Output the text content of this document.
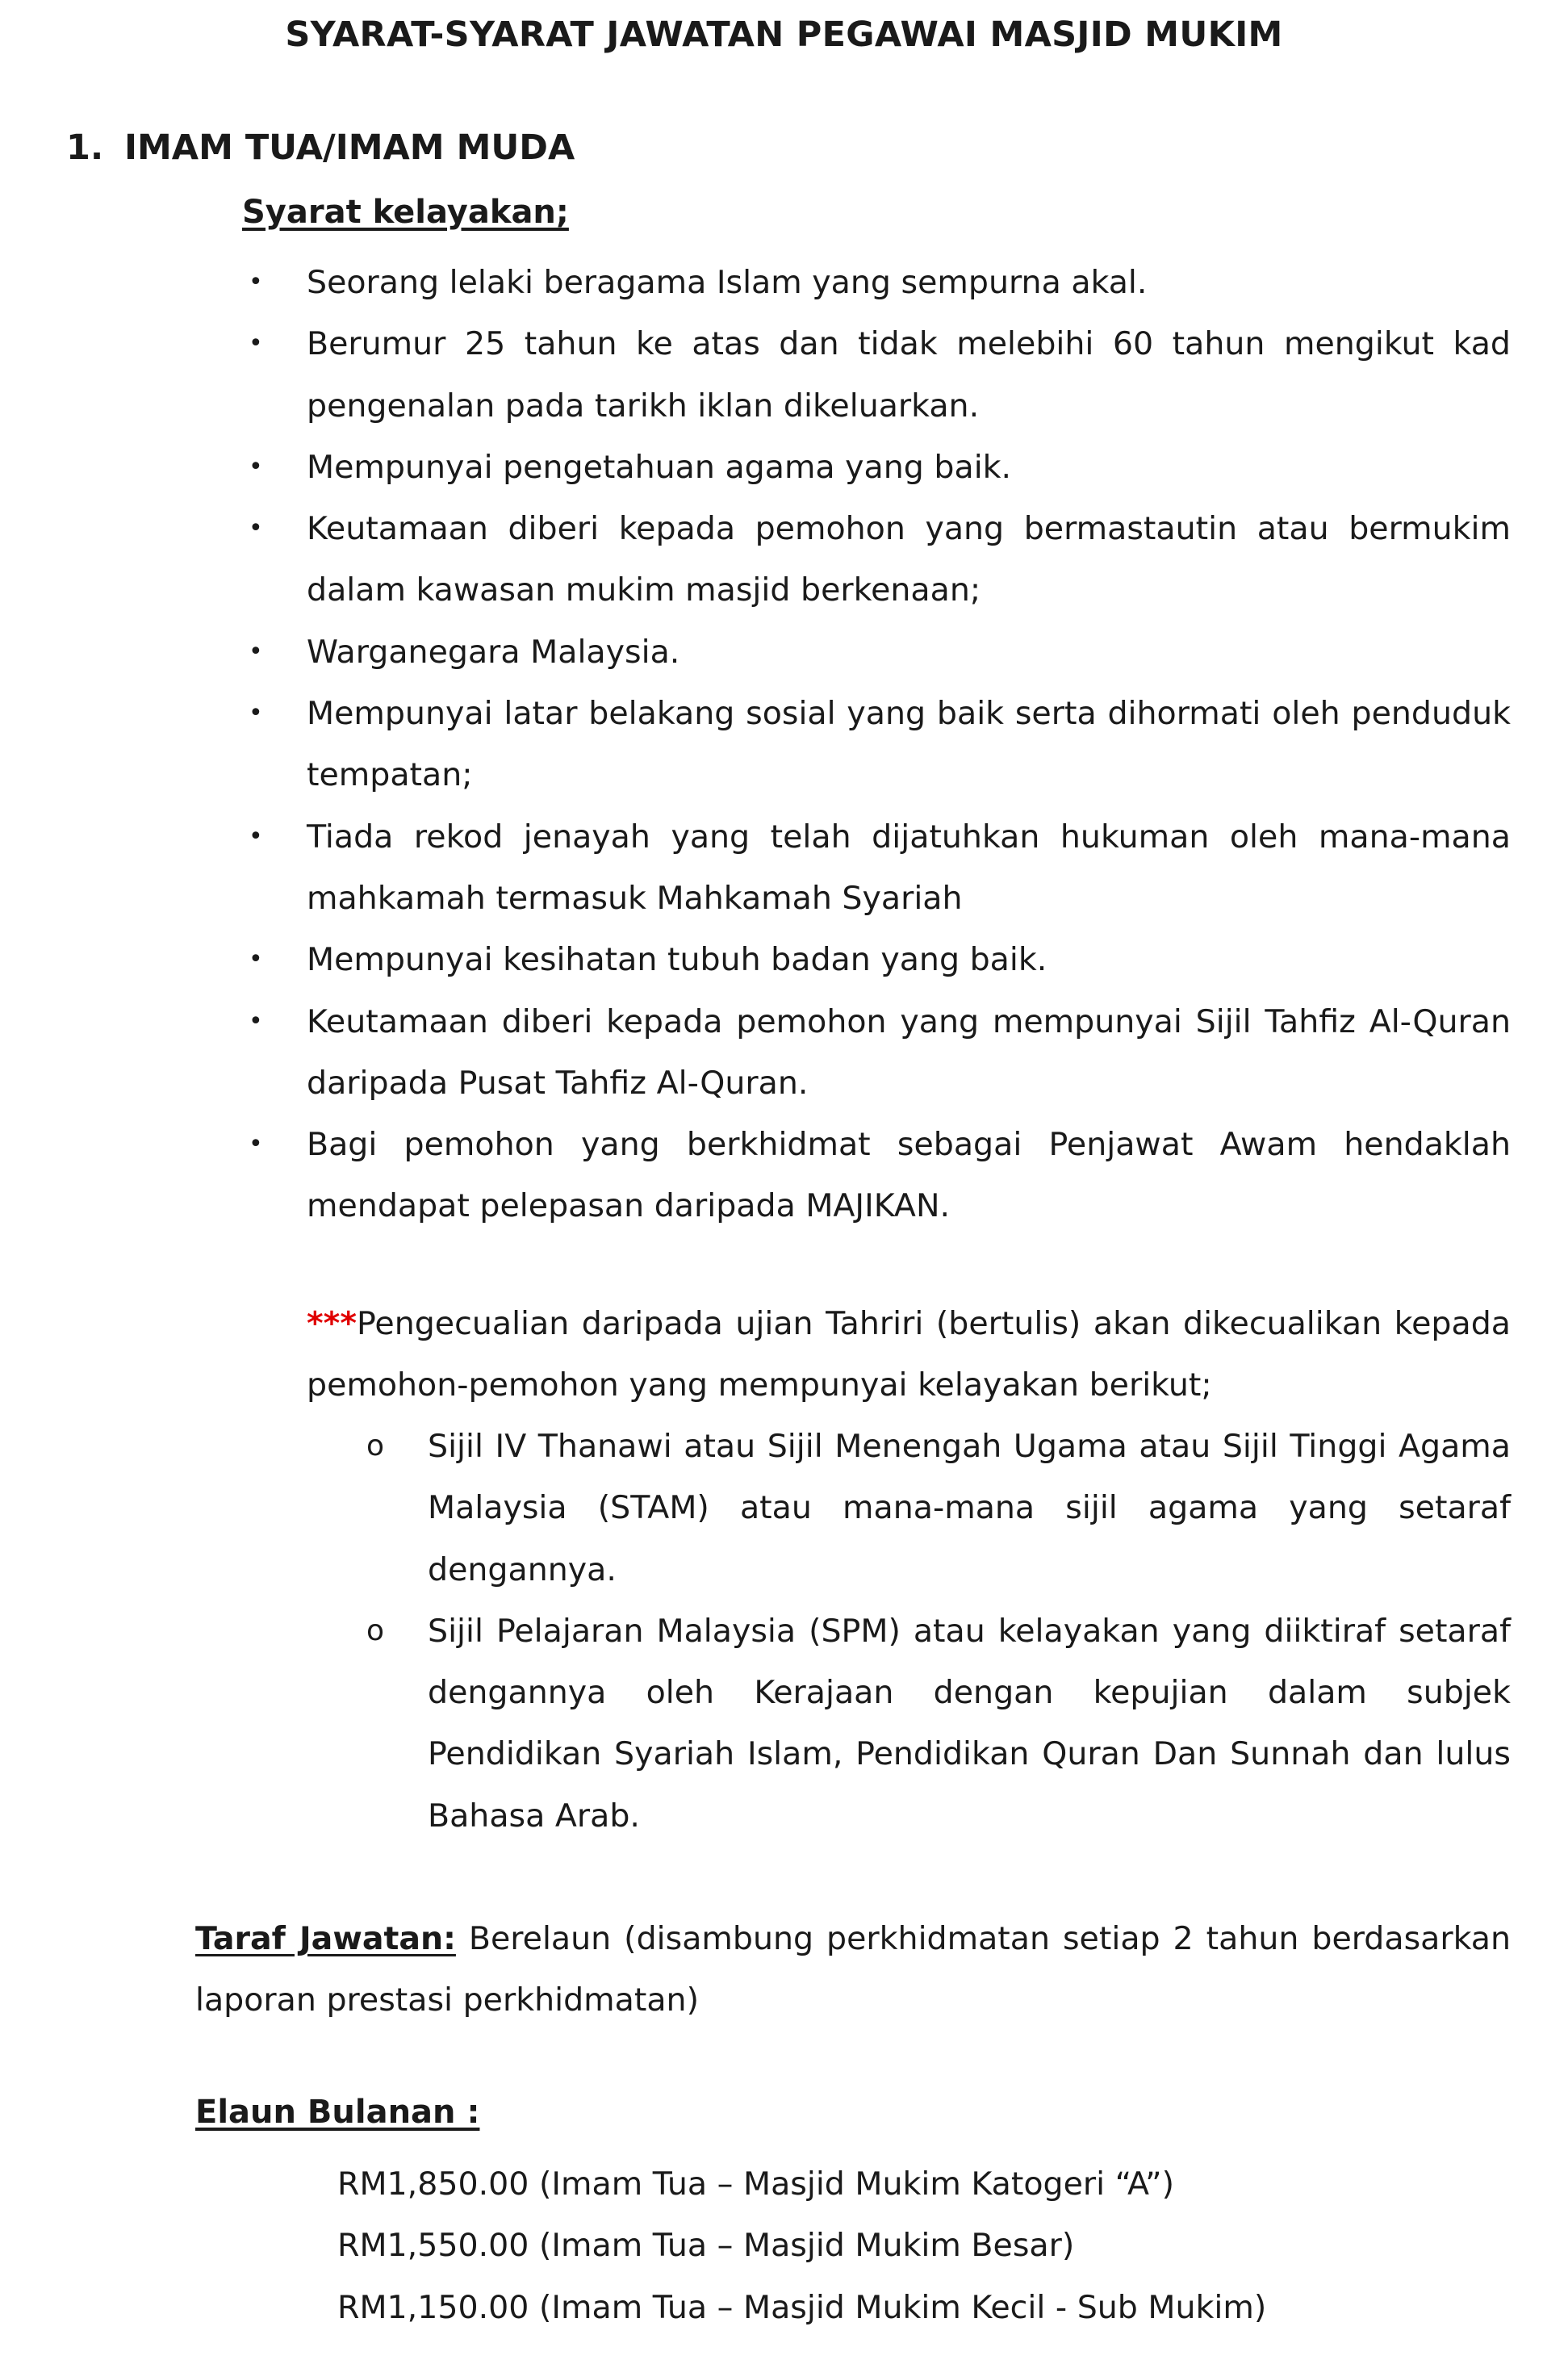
SYARAT-SYARAT JAWATAN PEGAWAI MASJID MUKIM
1. IMAM TUA/IMAM MUDA
Syarat kelayakan;
• Seorang lelaki beragama Islam yang sempurna akal.
• Berumur 25 tahun ke atas dan tidak melebihi 60 tahun mengikut kad pengenalan pada tarikh iklan dikeluarkan.
• Mempunyai pengetahuan agama yang baik.
• Keutamaan diberi kepada pemohon yang bermastautin atau bermukim dalam kawasan mukim masjid berkenaan;
• Warganegara Malaysia.
• Mempunyai latar belakang sosial yang baik serta dihormati oleh penduduk tempatan;
• Tiada rekod jenayah yang telah dijatuhkan hukuman oleh mana-mana mahkamah termasuk Mahkamah Syariah
• Mempunyai kesihatan tubuh badan yang baik.
• Keutamaan diberi kepada pemohon yang mempunyai Sijil Tahfiz Al-Quran daripada Pusat Tahfiz Al-Quran.
• Bagi pemohon yang berkhidmat sebagai Penjawat Awam hendaklah mendapat pelepasan daripada MAJIKAN.
***Pengecualian daripada ujian Tahriri (bertulis) akan dikecualikan kepada pemohon-pemohon yang mempunyai kelayakan berikut;
o Sijil IV Thanawi atau Sijil Menengah Ugama atau Sijil Tinggi Agama Malaysia (STAM) atau mana-mana sijil agama yang setaraf dengannya.
o Sijil Pelajaran Malaysia (SPM) atau kelayakan yang diiktiraf setaraf dengannya oleh Kerajaan dengan kepujian dalam subjek Pendidikan Syariah Islam, Pendidikan Quran Dan Sunnah dan lulus Bahasa Arab.
Taraf Jawatan: Berelaun (disambung perkhidmatan setiap 2 tahun berdasarkan laporan prestasi perkhidmatan)
Elaun Bulanan :
RM1,850.00 (Imam Tua – Masjid Mukim Katogeri “A”)
RM1,550.00 (Imam Tua – Masjid Mukim Besar)
RM1,150.00 (Imam Tua – Masjid Mukim Kecil - Sub Mukim)
